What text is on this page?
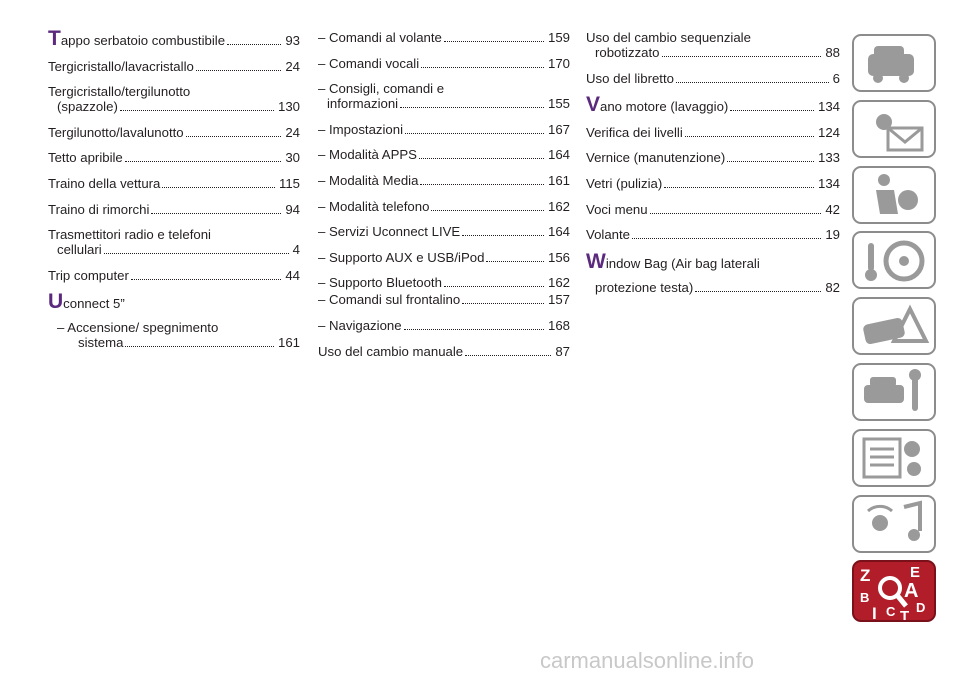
Tappo serbatoio combustibile	93
Tergicristallo/lavacristallo	24
Tergicristallo/tergilunotto
(spazzole)	130
Tergilunotto/lavalunotto	24
Tetto apribile	30
Traino della vettura	115
Traino di rimorchi	94
Trasmettitori radio e telefoni
cellulari	4
Trip computer	44
Uconnect 5”
– Accensione/ spegnimento
sistema	161
– Comandi al volante	159
– Comandi vocali	170
– Consigli, comandi e
informazioni	155
– Impostazioni	167
– Modalità APPS	164
– Modalità Media	161
– Modalità telefono	162
– Servizi Uconnect LIVE	164
– Supporto AUX e USB/iPod	156
– Supporto Bluetooth	162
– Comandi sul frontalino	157
– Navigazione	168
Uso del cambio manuale	87
Uso del cambio sequenziale
robotizzato	88
Uso del libretto	6
Vano motore (lavaggio)	134
Verifica dei livelli	124
Vernice (manutenzione)	133
Vetri (pulizia)	134
Voci menu	42
Volante	19
Window Bag (Air bag laterali
protezione testa)	82
Z	E
B A
D
I C T
carmanualsonline.info
